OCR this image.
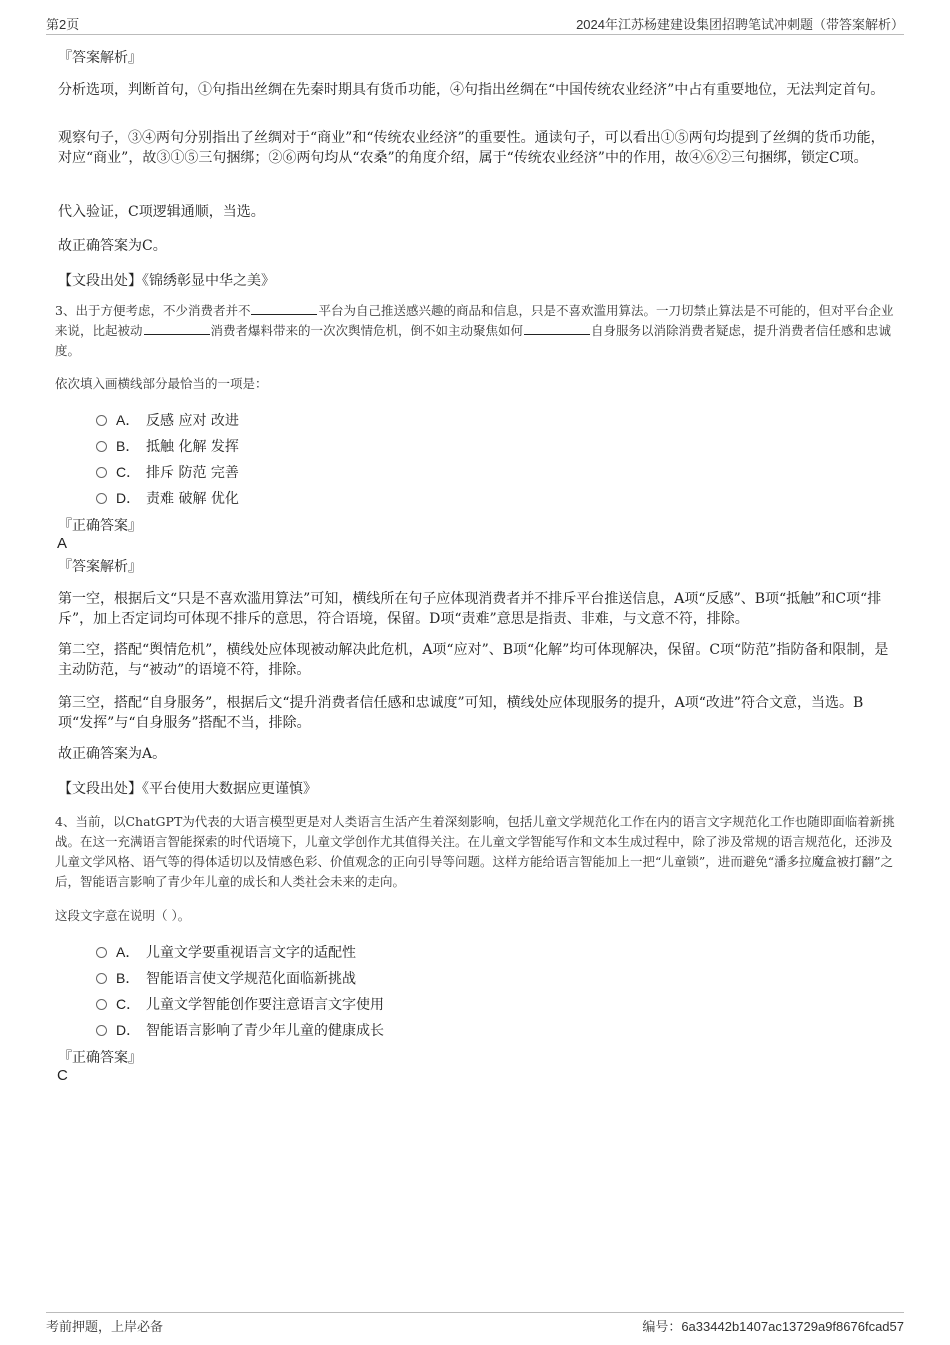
第2页	2024年江苏杨建建设集团招聘笔试冲刺题（带答案解析）
『答案解析』
分析选项，判断首句，①句指出丝绸在先秦时期具有货币功能，④句指出丝绸在“中国传统农业经济”中占有重要地位，无法判定首句。
观察句子，③④两句分别指出了丝绸对于“商业”和“传统农业经济”的重要性。通读句子，可以看出①⑤两句均提到了丝绸的货币功能，对应“商业”，故③①⑤三句捆绑；②⑥两句均从“农桑”的角度介绍，属于“传统农业经济”中的作用，故④⑥②三句捆绑，锁定C项。
代入验证，C项逻辑通顺，当选。
故正确答案为C。
【文段出处】《锦绣彰显中华之美》
3、出于方便考虑，不少消费者并不	平台为自己推送感兴趣的商品和信息，只是不喜欢滥用算法。一刀切禁止算法是不可能的，但对平台企业来说，比起被动	消费者爆料带来的一次次舆情危机，倒不如主动聚焦如何	自身服务以消除消费者疑虑，提升消费者信任感和忠诚度。
依次填入画横线部分最恰当的一项是：
A． 反感 应对 改进
B． 抵触 化解 发挥
C． 排斥 防范 完善
D． 责难 破解 优化
『正确答案』
A
『答案解析』
第一空，根据后文“只是不喜欢滥用算法”可知，横线所在句子应体现消费者并不排斥平台推送信息，A项“反感”、B项“抵触”和C项“排斥”，加上否定词均可体现不排斥的意思，符合语境，保留。D项“责难”意思是指责、非难，与文意不符，排除。
第二空，搭配“舆情危机”，横线处应体现被动解决此危机，A项“应对”、B项“化解”均可体现解决，保留。C项“防范”指防备和限制，是主动防范，与“被动”的语境不符，排除。
第三空，搭配“自身服务”，根据后文“提升消费者信任感和忠诚度”可知，横线处应体现服务的提升，A项“改进”符合文意，当选。B项“发挥”与“自身服务”搭配不当，排除。
故正确答案为A。
【文段出处】《平台使用大数据应更谨慎》
4、当前，以ChatGPT为代表的大语言模型更是对人类语言生活产生着深刻影响，包括儿童文学规范化工作在内的语言文字规范化工作也随即面临着新挑战。在这一充满语言智能探索的时代语境下，儿童文学创作尤其值得关注。在儿童文学智能写作和文本生成过程中，除了涉及常规的语言规范化，还涉及儿童文学风格、语气等的得体适切以及情感色彩、价值观念的正向引导等问题。这样方能给语言智能加上一把“儿童锁”，进而避免“潘多拉魔盒被打翻”之后，智能语言影响了青少年儿童的成长和人类社会未来的走向。
这段文字意在说明（ ）。
A． 儿童文学要重视语言文字的适配性
B． 智能语言使文学规范化面临新挑战
C． 儿童文学智能创作要注意语言文字使用
D． 智能语言影响了青少年儿童的健康成长
『正确答案』
C
考前押题，上岸必备	编号：6a33442b1407ac13729a9f8676fcad57
